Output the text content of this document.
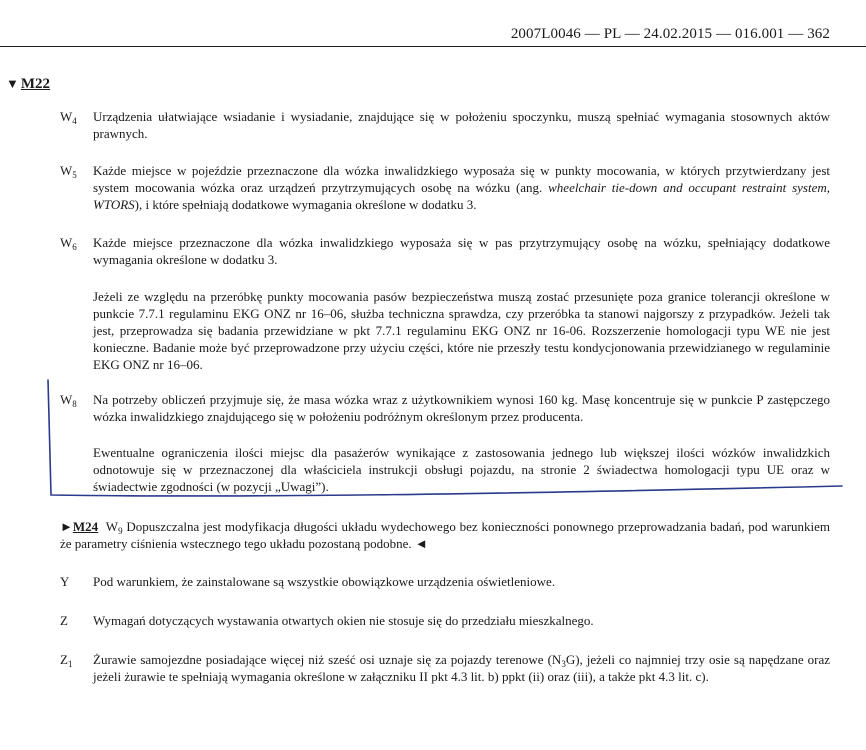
2007L0046 — PL — 24.02.2015 — 016.001 — 362
▼ M22
$W_4$	Urządzenia ułatwiające wsiadanie i wysiadanie, znajdujące się w położeniu spoczynku, muszą spełniać wymagania stosownych aktów prawnych.
$W_5$	Każde miejsce w pojeździe przeznaczone dla wózka inwalidzkiego wyposaża się w punkty mocowania, w których przytwierdzany jest system mocowania wózka oraz urządzeń przytrzymujących osobę na wózku (ang. wheelchair tie-down and occupant restraint system, WTORS), i które spełniają dodatkowe wymagania określone w dodatku 3.
$W_6$	Każde miejsce przeznaczone dla wózka inwalidzkiego wyposaża się w pas przytrzymujący osobę na wózku, spełniający dodatkowe wymagania określone w dodatku 3.
Jeżeli ze względu na przeróbkę punkty mocowania pasów bezpieczeństwa muszą zostać przesunięte poza granice tolerancji określone w punkcie 7.7.1 regulaminu EKG ONZ nr 16–06, służba techniczna sprawdza, czy przeróbka ta stanowi najgorszy z przypadków. Jeżeli tak jest, przeprowadza się badania przewidziane w pkt 7.7.1 regulaminu EKG ONZ nr 16-06. Rozszerzenie homologacji typu WE nie jest konieczne. Badanie może być przeprowadzone przy użyciu części, które nie przeszły testu kondycjonowania przewidzianego w regulaminie EKG ONZ nr 16–06.
$W_8$	Na potrzeby obliczeń przyjmuje się, że masa wózka wraz z użytkownikiem wynosi 160 kg. Masę koncentruje się w punkcie P zastępczego wózka inwalidzkiego znajdującego się w położeniu podróżnym określonym przez producenta.
Ewentualne ograniczenia ilości miejsc dla pasażerów wynikające z zastosowania jednego lub większej ilości wózków inwalidzkich odnotowuje się w przeznaczonej dla właściciela instrukcji obsługi pojazdu, na stronie 2 świadectwa homologacji typu UE oraz w świadectwie zgodności (w pozycji „Uwagi”).
►M24 $W_9$ Dopuszczalna jest modyfikacja długości układu wydechowego bez konieczności ponownego przeprowadzania badań, pod warunkiem że parametry ciśnienia wstecznego tego układu pozostaną podobne. ◄
Y	Pod warunkiem, że zainstalowane są wszystkie obowiązkowe urządzenia oświetleniowe.
Z	Wymagań dotyczących wystawania otwartych okien nie stosuje się do przedziału mieszkalnego.
$Z_1$	Żurawie samojezdne posiadające więcej niż sześć osi uznaje się za pojazdy terenowe $(N_3G)$, jeżeli co najmniej trzy osie są napędzane oraz jeżeli żurawie te spełniają wymagania określone w załączniku II pkt 4.3 lit. b) ppkt (ii) oraz (iii), a także pkt 4.3 lit. c).
